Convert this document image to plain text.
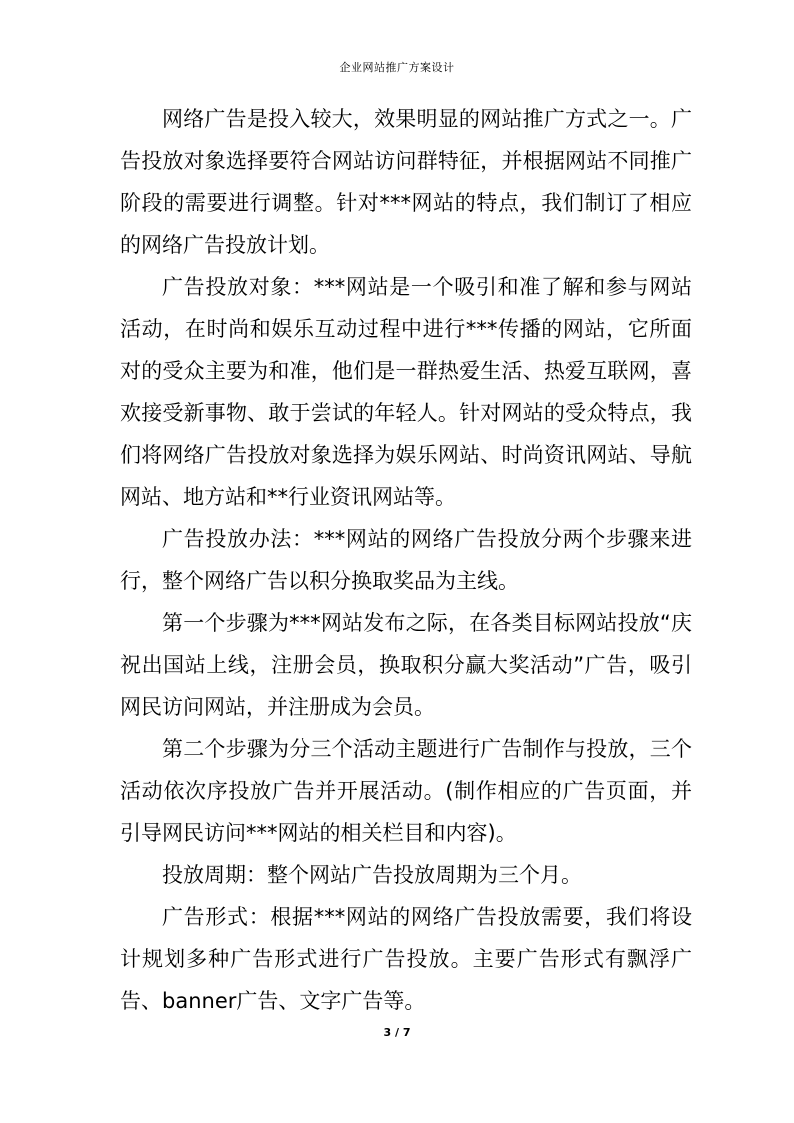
企业网站推广方案设计

网络广告是投入较大，效果明显的网站推广方式之一。广告投放对象选择要符合网站访问群特征，并根据网站不同推广阶段的需要进行调整。针对***网站的特点，我们制订了相应的网络广告投放计划。

广告投放对象：***网站是一个吸引和准了解和参与网站活动，在时尚和娱乐互动过程中进行***传播的网站，它所面对的受众主要为和准，他们是一群热爱生活、热爱互联网，喜欢接受新事物、敢于尝试的年轻人。针对网站的受众特点，我们将网络广告投放对象选择为娱乐网站、时尚资讯网站、导航网站、地方站和**行业资讯网站等。

广告投放办法：***网站的网络广告投放分两个步骤来进行，整个网络广告以积分换取奖品为主线。

第一个步骤为***网站发布之际，在各类目标网站投放“庆祝出国站上线，注册会员，换取积分赢大奖活动”广告，吸引网民访问网站，并注册成为会员。

第二个步骤为分三个活动主题进行广告制作与投放，三个活动依次序投放广告并开展活动。(制作相应的广告页面，并引导网民访问***网站的相关栏目和内容)。

投放周期：整个网站广告投放周期为三个月。

广告形式：根据***网站的网络广告投放需要，我们将设计规划多种广告形式进行广告投放。主要广告形式有飘浮广告、banner广告、文字广告等。

3 / 7
